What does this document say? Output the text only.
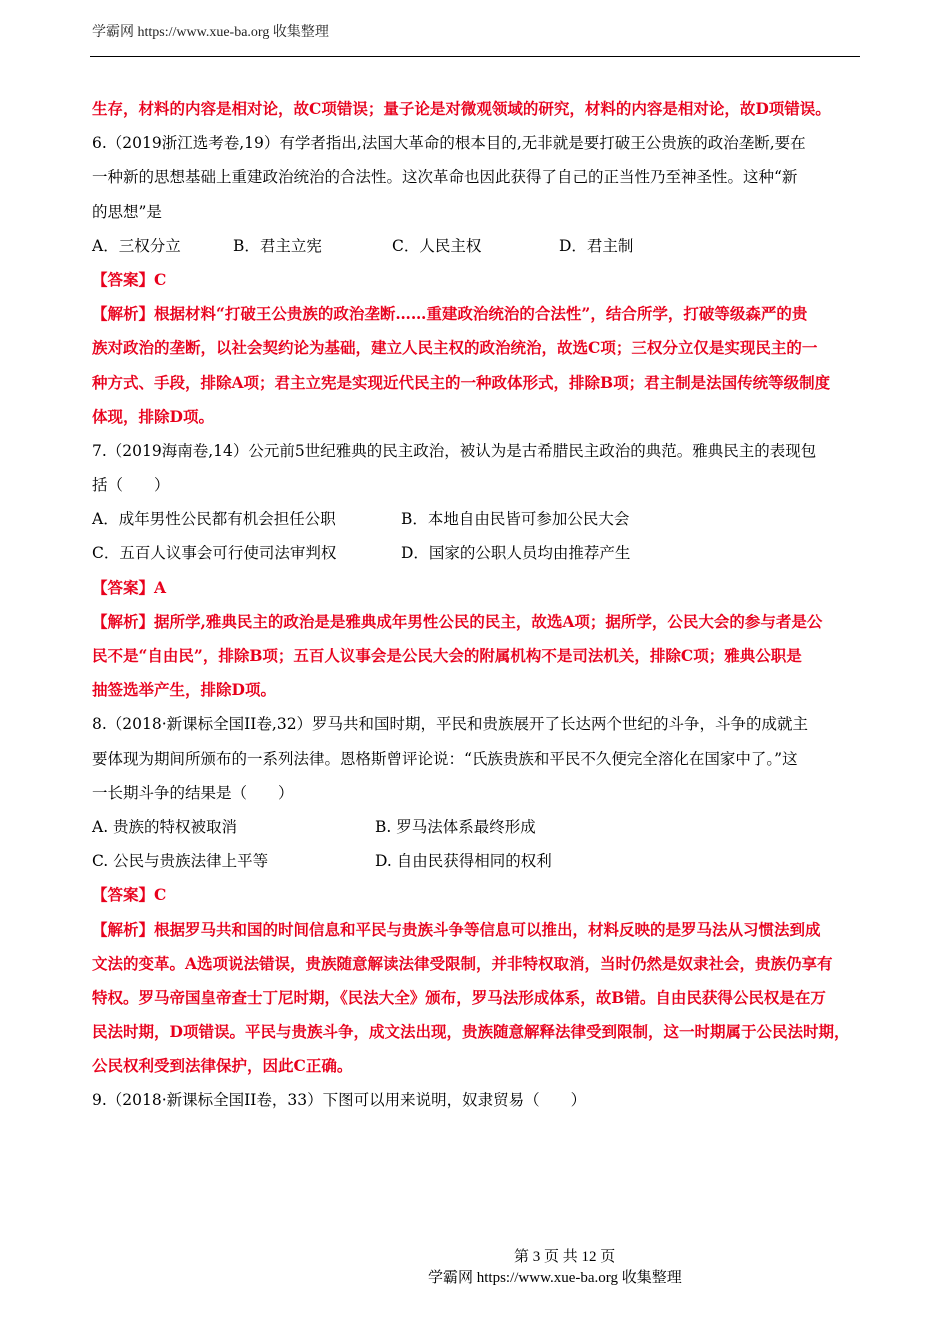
学霸网 https://www.xue-ba.org 收集整理
生存，材料的内容是相对论，故C项错误；量子论是对微观领域的研究，材料的内容是相对论，故D项错误。
6.（2019浙江选考卷,19）有学者指出,法国大革命的根本目的,无非就是要打破王公贵族的政治垄断,要在
一种新的思想基础上重建政治统治的合法性。这次革命也因此获得了自己的正当性乃至神圣性。这种“新
的思想”是
A．三权分立	B．君主立宪	C．人民主权	D．君主制
【答案】C
【解析】根据材料“打破王公贵族的政治垄断……重建政治统治的合法性”，结合所学，打破等级森严的贵
族对政治的垄断，以社会契约论为基础，建立人民主权的政治统治，故选C项；三权分立仅是实现民主的一
种方式、手段，排除A项；君主立宪是实现近代民主的一种政体形式，排除B项；君主制是法国传统等级制度
体现，排除D项。
7.（2019海南卷,14）公元前5世纪雅典的民主政治，被认为是古希腊民主政治的典范。雅典民主的表现包
括（　　）
A．成年男性公民都有机会担任公职	B．本地自由民皆可参加公民大会
C．五百人议事会可行使司法审判权	D．国家的公职人员均由推荐产生
【答案】A
【解析】据所学,雅典民主的政治是是雅典成年男性公民的民主，故选A项；据所学，公民大会的参与者是公
民不是“自由民”，排除B项；五百人议事会是公民大会的附属机构不是司法机关，排除C项；雅典公职是
抽签选举产生，排除D项。
8.（2018·新课标全国II卷,32）罗马共和国时期，平民和贵族展开了长达两个世纪的斗争，斗争的成就主
要体现为期间所颁布的一系列法律。恩格斯曾评论说：“氏族贵族和平民不久便完全溶化在国家中了。”这
一长期斗争的结果是（　　）
A. 贵族的特权被取消	B. 罗马法体系最终形成
C. 公民与贵族法律上平等	D. 自由民获得相同的权利
【答案】C
【解析】根据罗马共和国的时间信息和平民与贵族斗争等信息可以推出，材料反映的是罗马法从习惯法到成
文法的变革。A选项说法错误，贵族随意解读法律受限制，并非特权取消，当时仍然是奴隶社会，贵族仍享有
特权。罗马帝国皇帝查士丁尼时期，《民法大全》颁布，罗马法形成体系，故B错。自由民获得公民权是在万
民法时期，D项错误。平民与贵族斗争，成文法出现，贵族随意解释法律受到限制，这一时期属于公民法时期，
公民权利受到法律保护，因此C正确。
9.（2018·新课标全国II卷，33）下图可以用来说明，奴隶贸易（　　）
第 3 页 共 12 页
学霸网 https://www.xue-ba.org 收集整理
